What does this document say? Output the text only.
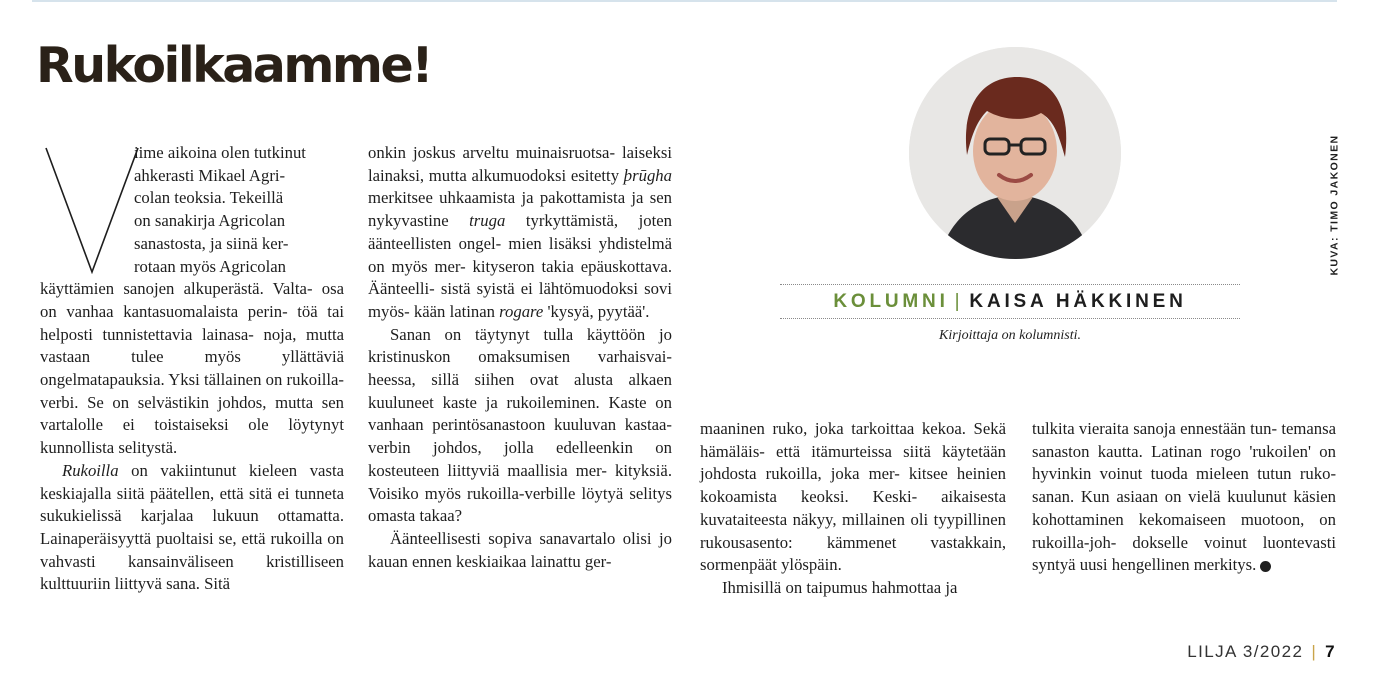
Rukoilkaamme!
iime aikoina olen tutkinut
ahkerasti Mikael Agri-
colan teoksia. Tekeillä
on sanakirja Agricolan
sanastosta, ja siinä ker-
rotaan myös Agricolan

käyttämien sanojen alkuperästä. Valta- osa on vanhaa kantasuomalaista perin- töä tai helposti tunnistettavia lainasa- noja, mutta vastaan tulee myös yllättäviä ongelmatapauksia. Yksi tällainen on rukoilla-verbi. Se on selvästikin johdos, mutta sen vartalolle ei toistaiseksi ole löytynyt kunnollista selitystä.

Rukoilla on vakiintunut kieleen vasta keskiajalla siitä päätellen, että sitä ei tunneta sukukielissä karjalaa lukuun ottamatta. Lainaperäisyyttä puoltaisi se, että rukoilla on vahvasti kansainväliseen kristilliseen kulttuuriin liittyvä sana. Sitä

onkin joskus arveltu muinaisruotsa- laiseksi lainaksi, mutta alkumuodoksi esitetty þrūgha merkitsee uhkaamista ja pakottamista ja sen nykyvastine truga tyrkyttämistä, joten äänteellisten ongel- mien lisäksi yhdistelmä on myös mer- kityseron takia epäuskottava. Äänteelli- sistä syistä ei lähtömuodoksi sovi myös- kään latinan rogare 'kysyä, pyytää'.

Sanan on täytynyt tulla käyttöön jo kristinuskon omaksumisen varhaisvai- heessa, sillä siihen ovat alusta alkaen kuuluneet kaste ja rukoileminen. Kaste on vanhaan perintösanastoon kuuluvan kastaa-verbin johdos, jolla edelleenkin on kosteuteen liittyviä maallisia mer- kityksiä. Voisiko myös rukoilla-verbille löytyä selitys omasta takaa?

Äänteellisesti sopiva sanavartalo olisi jo kauan ennen keskiaikaa lainattu ger-

KOLUMNI | KAISA HÄKKINEN
Kirjoittaja on kolumnisti.
KUVA: TIMO JAKONEN

maaninen ruko, joka tarkoittaa kekoa. Sekä hämäläis- että itämurteissa siitä käytetään johdosta rukoilla, joka mer- kitsee heinien kokoamista keoksi. Keski- aikaisesta kuvataiteesta näkyy, millainen oli tyypillinen rukousasento: kämmenet vastakkain, sormenpäät ylöspäin.

Ihmisillä on taipumus hahmottaa ja

tulkita vieraita sanoja ennestään tun- temansa sanaston kautta. Latinan rogo 'rukoilen' on hyvinkin voinut tuoda mieleen tutun ruko-sanan. Kun asiaan on vielä kuulunut käsien kohottaminen kekomaiseen muotoon, on rukoilla-joh- dokselle voinut luontevasti syntyä uusi hengellinen merkitys.

LILJA 3/2022 | 7
